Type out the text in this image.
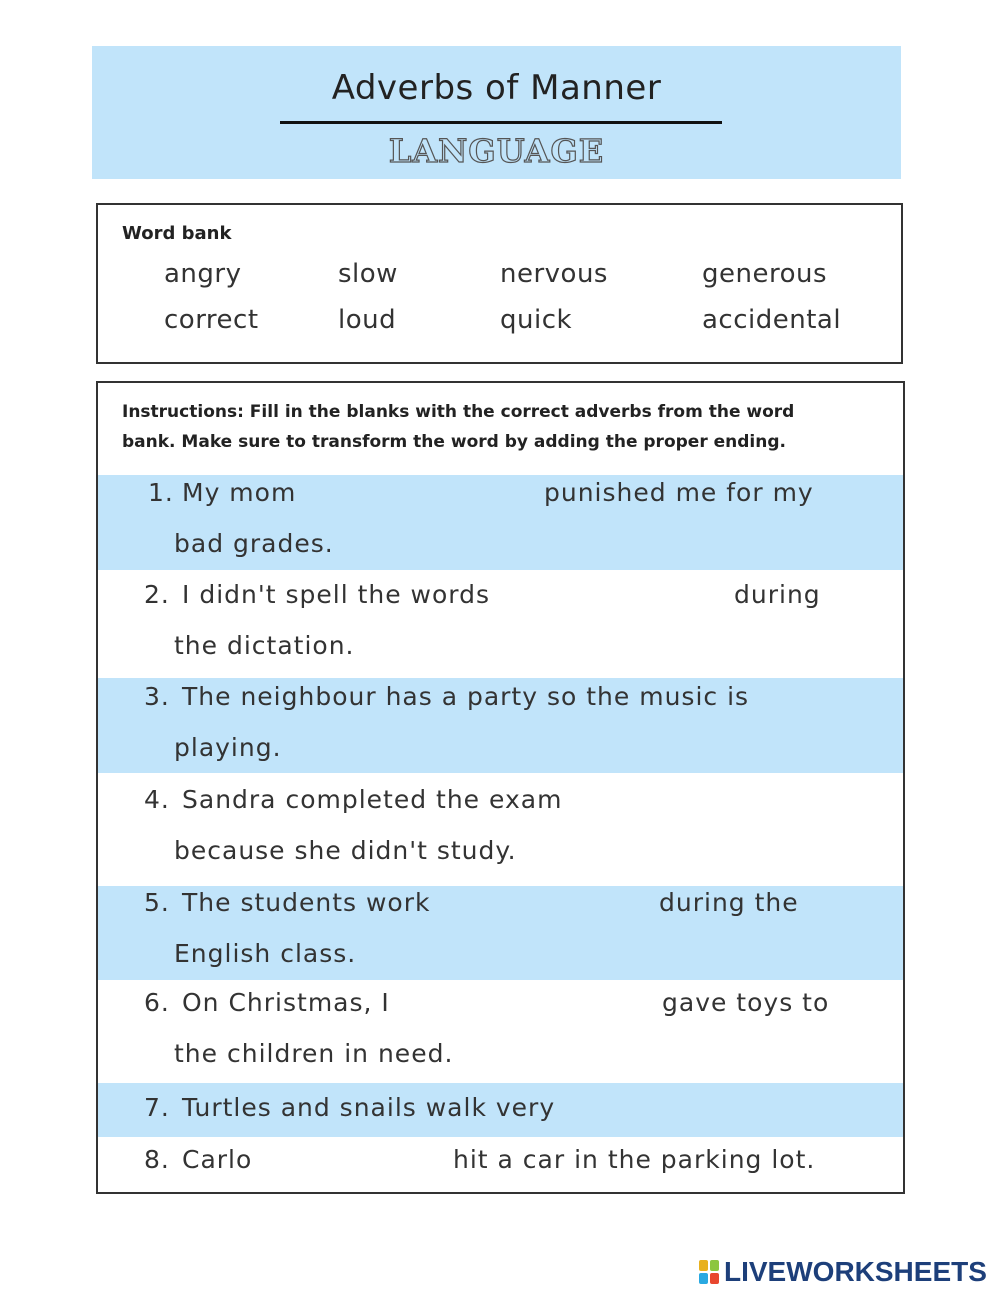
Adverbs of Manner
LANGUAGE
Word bank
angry	slow	nervous	generous
correct	loud	quick	accidental
Instructions: Fill in the blanks with the correct adverbs from the word
bank. Make sure to transform the word by adding the proper ending.
1. My mom	punished me for my
bad grades.
2. I didn't spell the words	during
the dictation.
3. The neighbour has a party so the music is
playing.
4. Sandra completed the exam
because she didn't study.
5. The students work	during the
English class.
6. On Christmas, I	gave toys to
the children in need.
7. Turtles and snails walk very
8. Carlo	hit a car in the parking lot.
LIVEWORKSHEETS
